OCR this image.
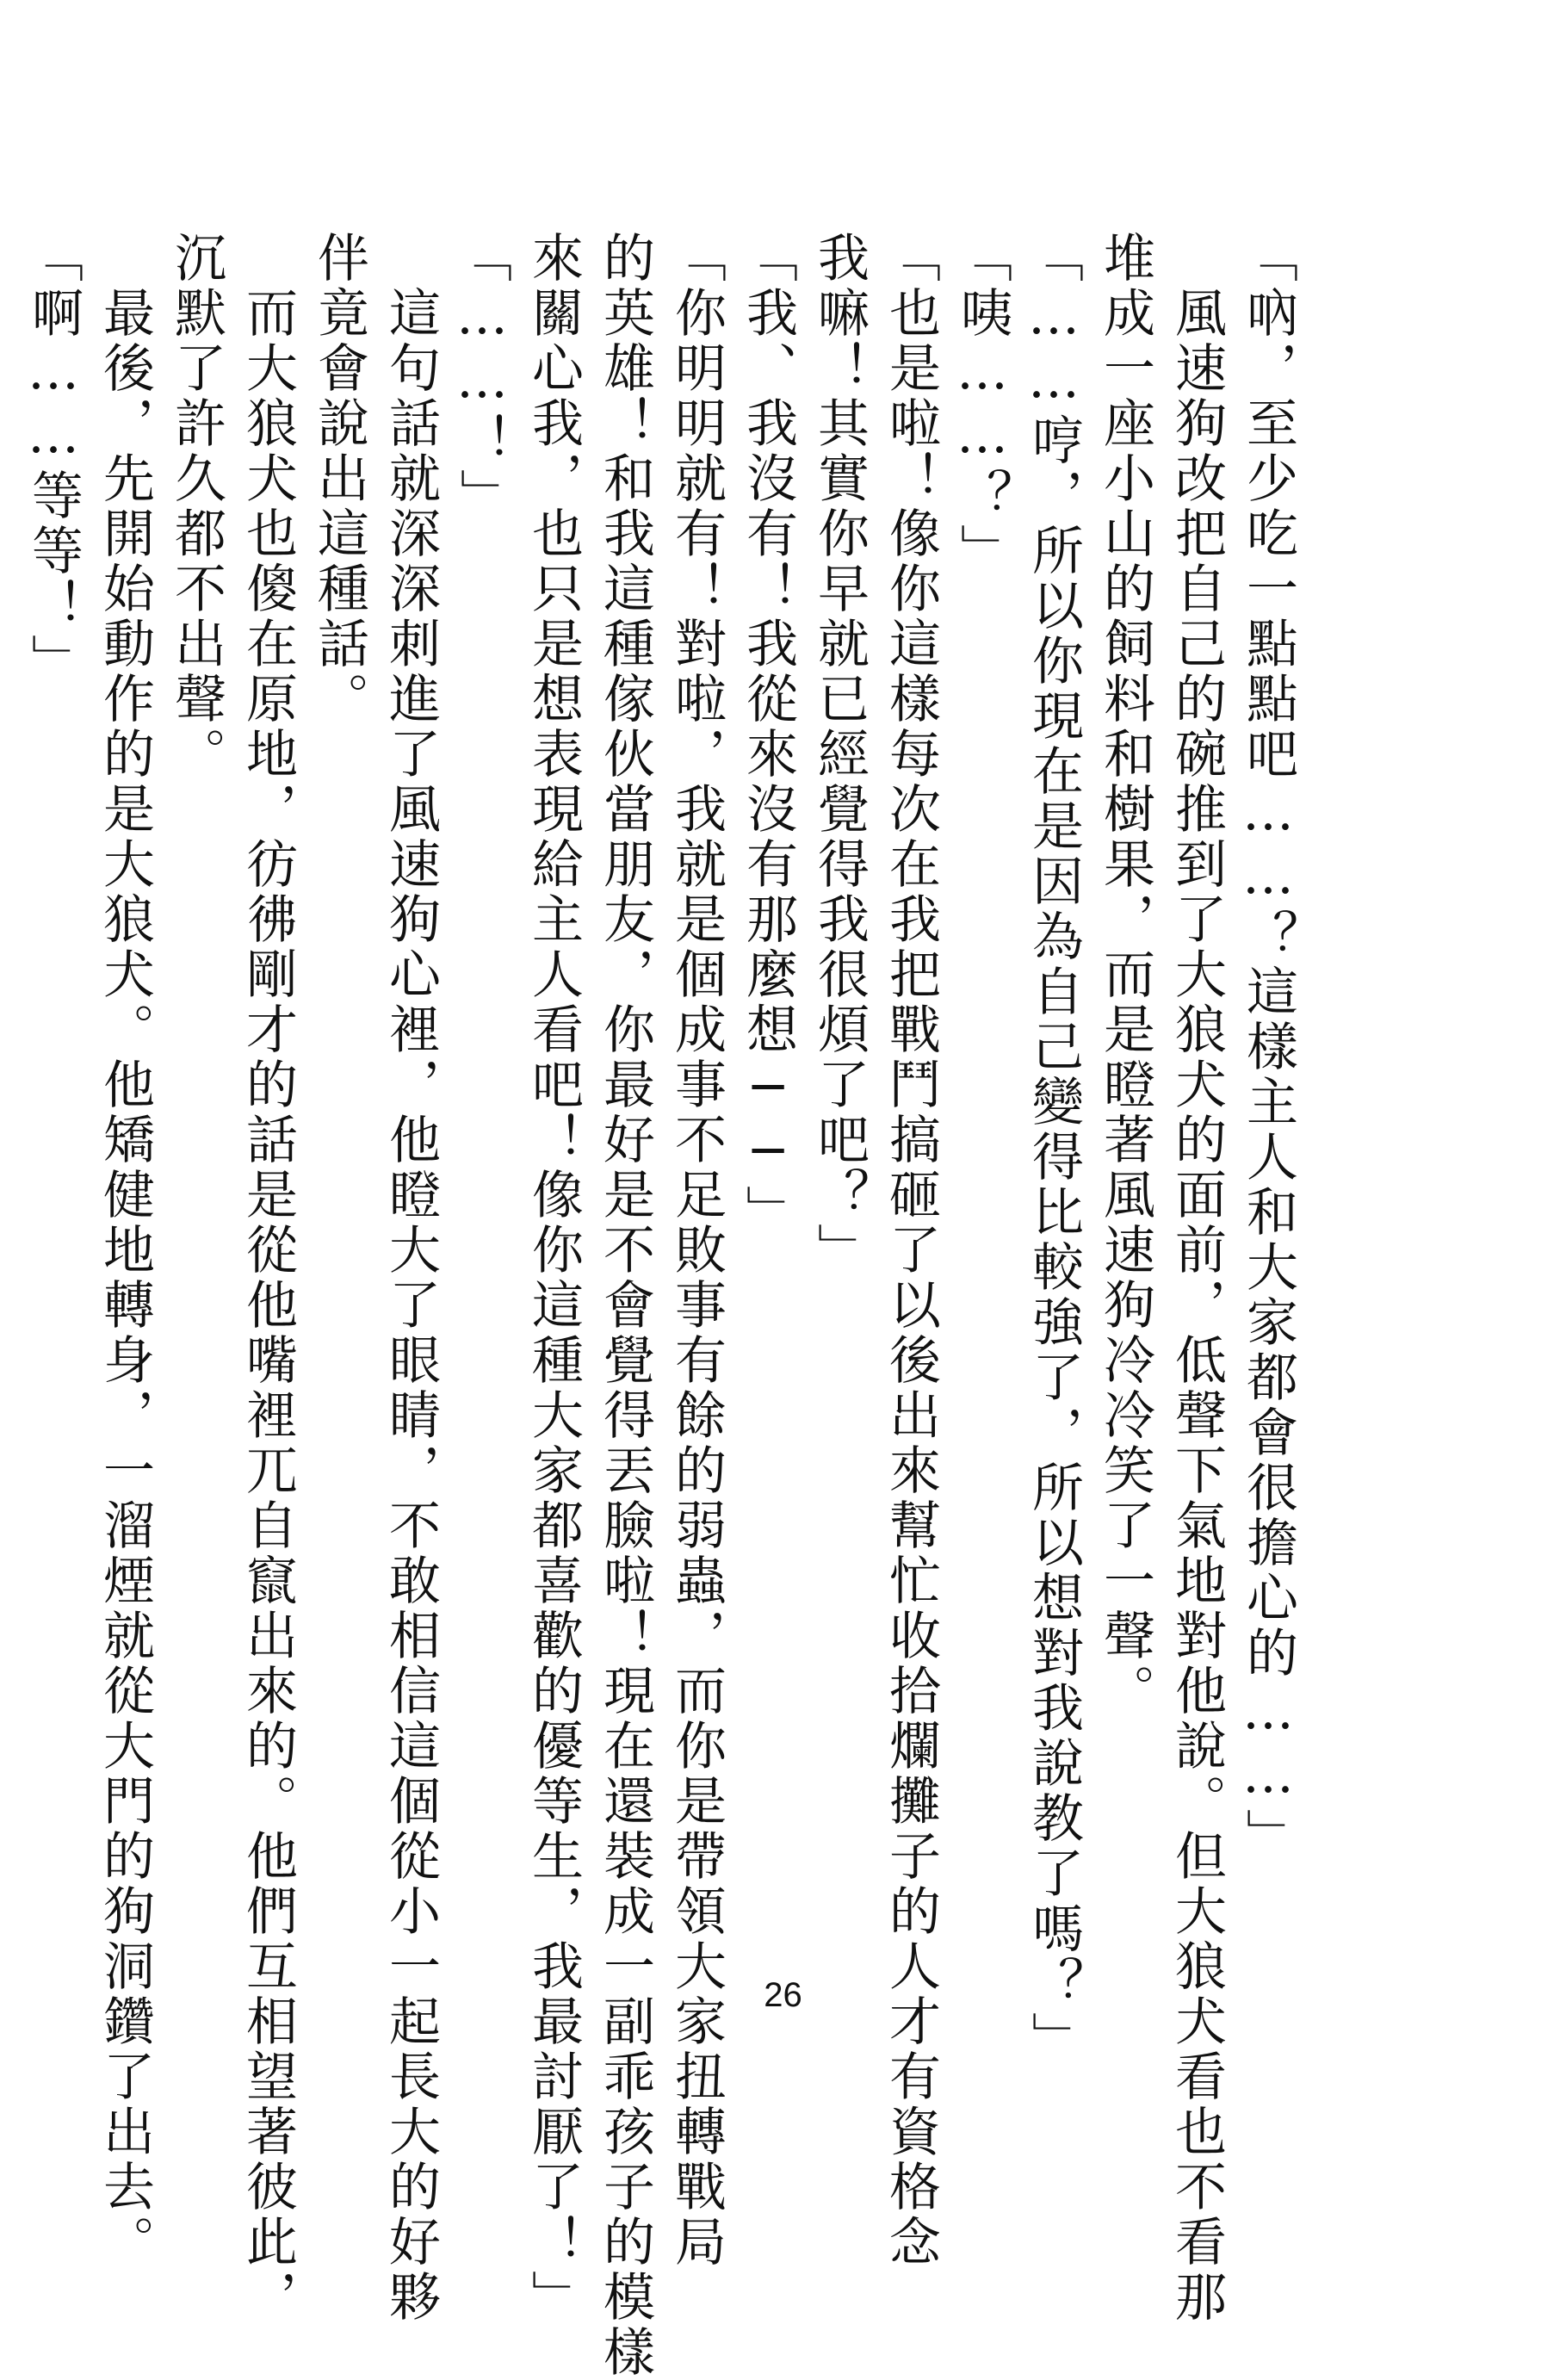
「吶，至少吃一點點吧……？這樣主人和大家都會很擔心的……」

　風速狗改把自己的碗推到了大狼犬的面前，低聲下氣地對他說。但大狼犬看也不看那

堆成一座小山的飼料和樹果，而是瞪著風速狗冷冷笑了一聲。

「……哼，所以你現在是因為自己變得比較強了，所以想對我說教了嗎？」

「咦……？」

「也是啦！像你這樣每次在我把戰鬥搞砸了以後出來幫忙收拾爛攤子的人才有資格念

我嘛！其實你早就已經覺得我很煩了吧？」

「我、我沒有！我從來沒有那麼想──」

「你明明就有！對啦，我就是個成事不足敗事有餘的弱蟲，而你是帶領大家扭轉戰局

的英雄！和我這種傢伙當朋友，你最好是不會覺得丟臉啦！現在還裝成一副乖孩子的模樣

來關心我，也只是想表現給主人看吧！像你這種大家都喜歡的優等生，我最討厭了！」

「……！」

　這句話就深深刺進了風速狗心裡，他瞪大了眼睛，不敢相信這個從小一起長大的好夥

伴竟會說出這種話。

　而大狼犬也傻在原地，彷彿剛才的話是從他嘴裡兀自竄出來的。他們互相望著彼此，

沉默了許久都不出聲。

　最後，先開始動作的是大狼犬。他矯健地轉身，一溜煙就從大門的狗洞鑽了出去。

「啊……等等！」

26
